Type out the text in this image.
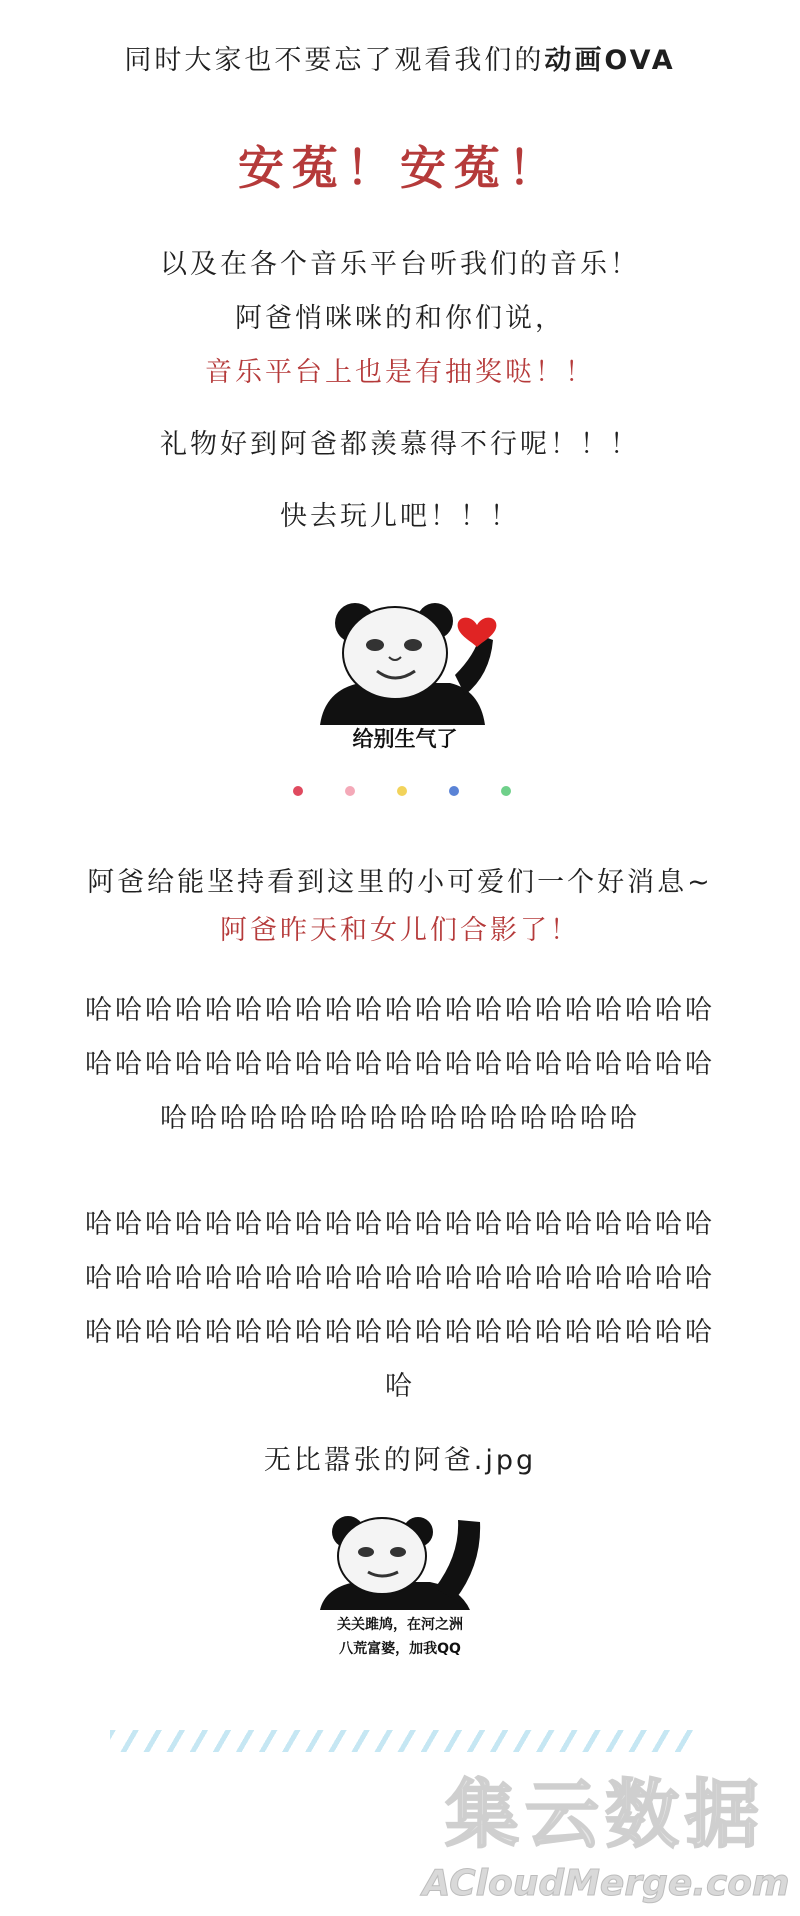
同时大家也不要忘了观看我们的动画OVA
安菟！安菟！
以及在各个音乐平台听我们的音乐！
阿爸悄咪咪的和你们说，
音乐平台上也是有抽奖哒！！
礼物好到阿爸都羡慕得不行呢！！！
快去玩儿吧！！！
给别生气了
阿爸给能坚持看到这里的小可爱们一个好消息~
阿爸昨天和女儿们合影了！
哈哈哈哈哈哈哈哈哈哈哈哈哈哈哈哈哈哈哈哈哈
哈哈哈哈哈哈哈哈哈哈哈哈哈哈哈哈哈哈哈哈哈
哈哈哈哈哈哈哈哈哈哈哈哈哈哈哈哈
哈哈哈哈哈哈哈哈哈哈哈哈哈哈哈哈哈哈哈哈哈
哈哈哈哈哈哈哈哈哈哈哈哈哈哈哈哈哈哈哈哈哈
哈哈哈哈哈哈哈哈哈哈哈哈哈哈哈哈哈哈哈哈哈
哈
无比嚣张的阿爸.jpg
关关雎鸠，在河之洲
八荒富婆，加我QQ
集云数据
ACloudMerge.com
